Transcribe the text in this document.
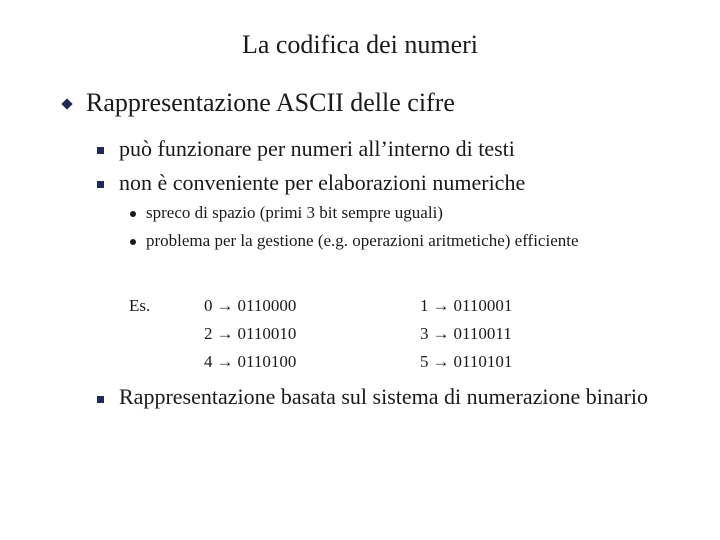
La codifica dei numeri
Rappresentazione ASCII delle cifre
può funzionare per numeri all’interno di testi
non è conveniente per elaborazioni numeriche
spreco di spazio (primi 3 bit sempre uguali)
problema per la gestione (e.g. operazioni aritmetiche) efficiente
Es.	0 → 0110000
2 → 0110010
4 → 0110100
1 → 0110001
3 → 0110011
5 → 0110101
Rappresentazione basata sul sistema di numerazione binario
